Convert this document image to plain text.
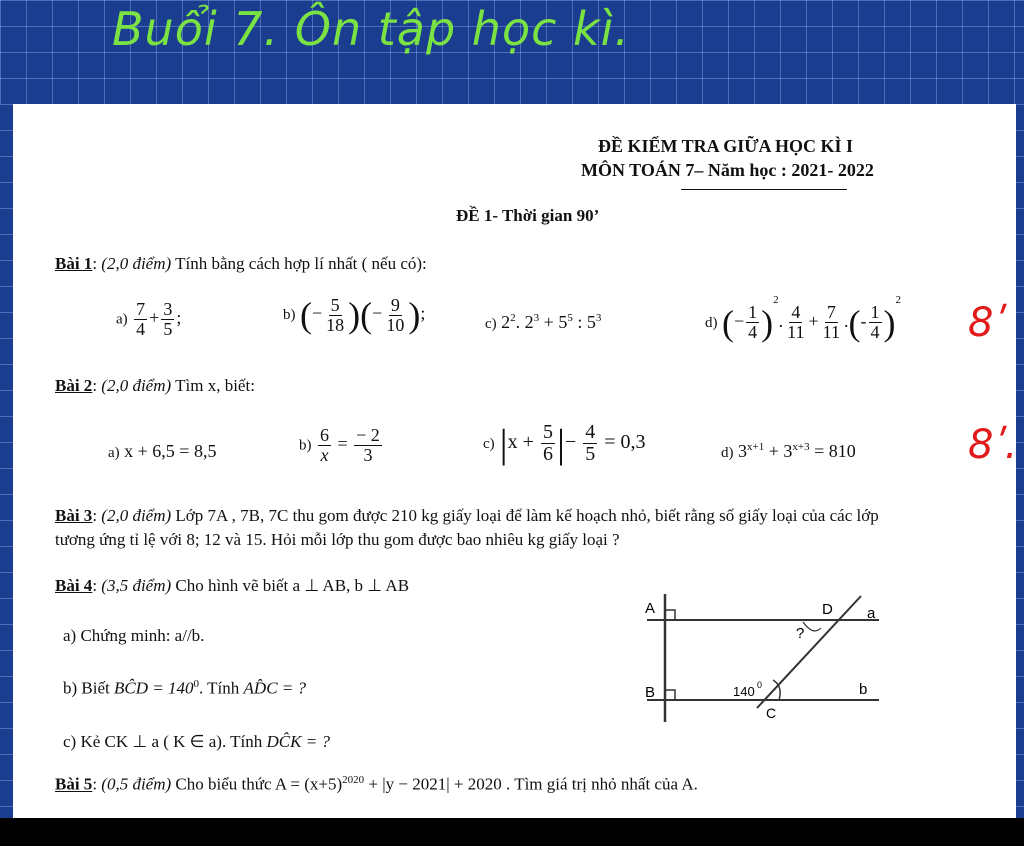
Buổi 7. Ôn tập học kì.
ĐỀ KIỂM TRA GIỮA HỌC KÌ I
MÔN TOÁN 7– Năm học : 2021- 2022
ĐỀ 1- Thời gian 90’
Bài 1: (2,0 điểm) Tính bằng cách hợp lí nhất ( nếu có):
$a) \frac{7}{4} + \frac{3}{5}$ ;	b) (− $\frac{5}{18}$ )(− $\frac{9}{10}$ );
c) $2^2$. $2^3 + 5^5$ : $5^3$	d) (− $\frac{1}{4} )^2$. $\frac{4}{11} + \frac{7}{11}$ .(- $\frac{1}{4} )^2$ 8ʹ
Bài 2: (2,0 điểm) Tìm x, biết:
a) x + 6,5 = 8,5	$b) \frac{6}{x} = \frac{- 2}{3}$	c) $|x + \frac{5}{6}$ |− $\frac{4}{5} = 0,3$	d) $3^{x+1} + 3^{x+3} = 810$	8ʹ.
Bài 3: (2,0 điểm) Lớp 7A , 7B, 7C thu gom được 210 kg giấy loại để làm kế hoạch nhỏ, biết rằng số giấy loại của các lớp
tương ứng tỉ lệ với 8; 12 và 15. Hỏi mỗi lớp thu gom được bao nhiêu kg giấy loại ?
Bài 4: (3,5 điểm) Cho hình vẽ biết a ⊥ AB, b ⊥ AB
a) Chứng minh: a//b.
b) Biết BĈD = $140^0$. Tính AD̂C = ?
c) Kẻ CK ⊥ a ( K ∈ a). Tính DĈK = ?
A
B
D a
b
C
140 0
?
Bài 5: (0,5 điểm) Cho biểu thức $A = (x+5)^{2020} + |y - 2021| + 2020$ . Tìm giá trị nhỏ nhất của A.
